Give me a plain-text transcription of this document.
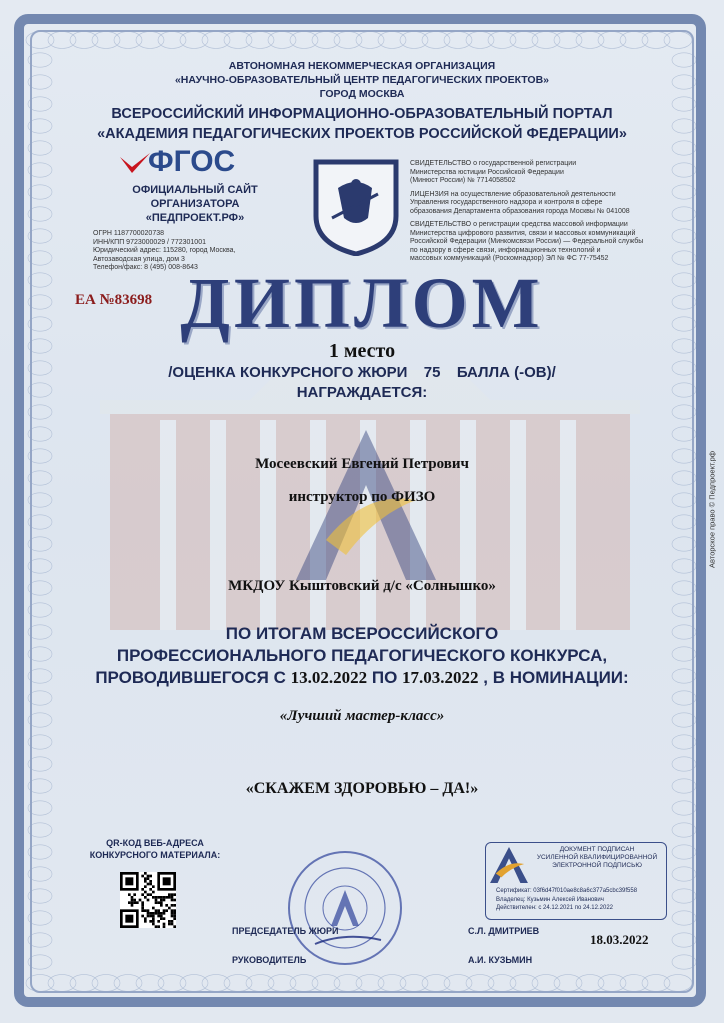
АВТОНОМНАЯ НЕКОММЕРЧЕСКАЯ ОРГАНИЗАЦИЯ
«НАУЧНО-ОБРАЗОВАТЕЛЬНЫЙ ЦЕНТР ПЕДАГОГИЧЕСКИХ ПРОЕКТОВ»
ГОРОД МОСКВА
ВСЕРОССИЙСКИЙ ИНФОРМАЦИОННО-ОБРАЗОВАТЕЛЬНЫЙ ПОРТАЛ
«АКАДЕМИЯ ПЕДАГОГИЧЕСКИХ ПРОЕКТОВ РОССИЙСКОЙ ФЕДЕРАЦИИ»
ФГОС
ОФИЦИАЛЬНЫЙ САЙТ
ОРГАНИЗАТОРА
«ПЕДПРОЕКТ.РФ»
ОГРН 1187700020738
ИНН/КПП 9723000029 / 772301001
Юридический адрес: 115280, город Москва,
Автозаводская улица, дом 3
Телефон/факс: 8 (495) 008-8643
СВИДЕТЕЛЬСТВО о государственной регистрации
Министерства юстиции Российской Федерации
(Минюст России) № 7714058502
ЛИЦЕНЗИЯ на осуществление образовательной деятельности
Управления государственного надзора и контроля в сфере
образования Департамента образования города Москвы № 041008
СВИДЕТЕЛЬСТВО о регистрации средства массовой информации
Министерства цифрового развития, связи и массовых коммуникаций
Российской Федерации (Минкомсвязи России) — Федеральной службы
по надзору в сфере связи, информационных технологий и
массовых коммуникаций (Роскомнадзор) ЭЛ № ФС 77-75452
ЕА №83698 ДИПЛОМ
1 место
/ОЦЕНКА КОНКУРСНОГО ЖЮРИ 75 БАЛЛА (-ОВ)/
НАГРАЖДАЕТСЯ:
Мосеевский Евгений Петрович
инструктор по ФИЗО
МКДОУ Кыштовский д/с «Солнышко»
ПО ИТОГАМ ВСЕРОССИЙСКОГО
ПРОФЕССИОНАЛЬНОГО ПЕДАГОГИЧЕСКОГО КОНКУРСА,
ПРОВОДИВШЕГОСЯ С 13.02.2022 ПО 17.03.2022 , В НОМИНАЦИИ:
«Лучший мастер-класс»
«СКАЖЕМ ЗДОРОВЬЮ – ДА!»
QR-КОД ВЕБ-АДРЕСА
КОНКУРСНОГО МАТЕРИАЛА:
ДОКУМЕНТ ПОДПИСАН
УСИЛЕННОЙ КВАЛИФИЦИРОВАННОЙ
ЭЛЕКТРОННОЙ ПОДПИСЬЮ
Сертификат: 03f6d47f010ae8c8a6c377a5cbc39f558
Владелец: Кузьмин Алексей Иванович
Действителен: с 24.12.2021 по 24.12.2022
ПРЕДСЕДАТЕЛЬ ЖЮРИ	С.Л. ДМИТРИЕВ
РУКОВОДИТЕЛЬ	А.И. КУЗЬМИН
18.03.2022
Авторское право © Педпроект.рф
